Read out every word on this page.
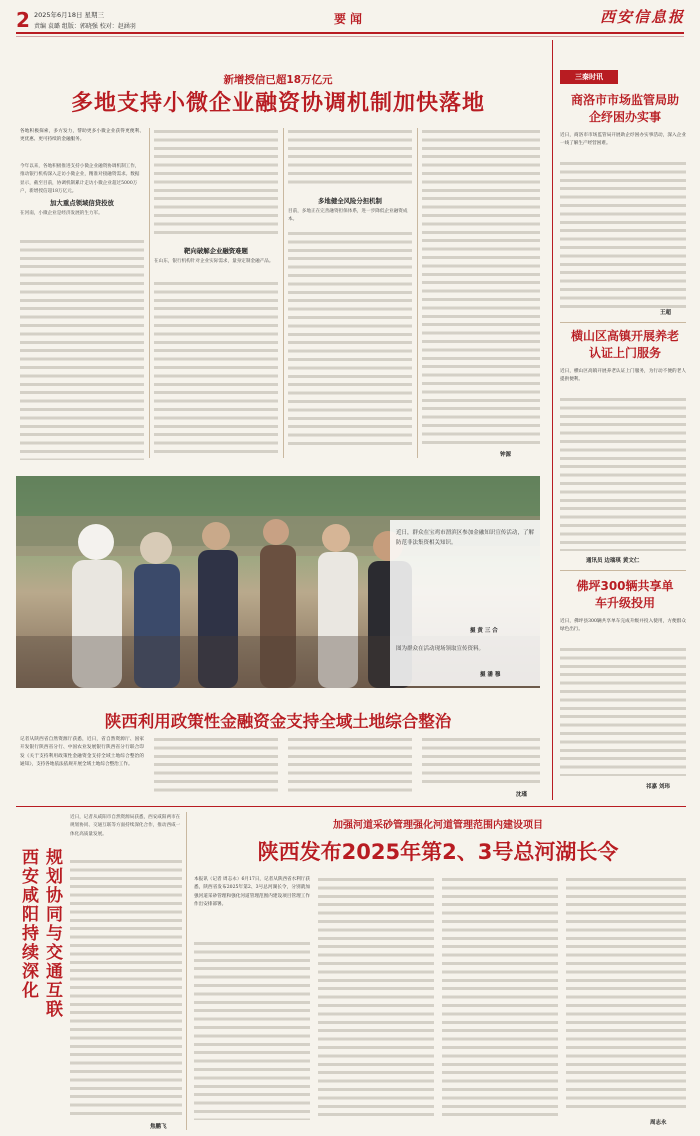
2 2025年6月18日 星期三
责编 袁璐 组版：郭晓强 校对：赵涵羽
要闻	西安信息报
新增授信已超18万亿元
多地支持小微企业融资协调机制加快落地
各地积极探索，多方发力，帮助更多小微企业获得更便利、更优惠、更可持续的金融服务。
今年以来，各地积极推进支持小微企业融资协调机制工作，推动银行机构深入走访小微企业，精准对接融资需求。数据显示，截至目前，协调机制累计走访小微企业超过5000万户，新增授信超18万亿元。
加大重点领域信贷投放
在河南，小微企业是经济发展的生力军。
靶向破解企业融资难题
在山东，银行机构针对企业实际需求，量身定制金融产品。
多地健全风险分担机制
目前，多地正在完善融资担保体系，进一步降低企业融资成本。
钟源
三秦时讯
商洛市市场监管局助企纾困办实事
近日，商洛市市场监管局开展助企纾困办实事活动，深入企业一线了解生产经营困难。
王超
横山区高镇开展养老认证上门服务
近日，横山区高镇开展养老认证上门服务，为行动不便的老人提供便利。
通讯员 边瑞琪 黄文仁
佛坪300辆共享单车升级投用
近日，佛坪县300辆共享单车完成升级并投入使用，方便群众绿色出行。
祁嘉 刘玮
近日，群众在宝鸡市渭滨区参加金融知识宣传活动，了解防范非法集资相关知识。
摄 黄 三 合
图为群众在活动现场领取宣传资料。
摄 潘 穆
陕西利用政策性金融资金支持全域土地综合整治
记者从陕西省自然资源厅获悉，近日，省自然资源厅、国家开发银行陕西省分行、中国农业发展银行陕西省分行联合印发《关于支持利用政策性金融资金支持全域土地综合整治的通知》，支持各地依法依规开展全域土地综合整治工作。
沈瑾
近日，记者从咸阳市自然资源局获悉，西安咸阳两市在规划协同、交通互联等方面持续深化合作，推动西咸一体化高质量发展。
规划协同与交通互联
西安咸阳持续深化
焦鹏飞
加强河道采砂管理强化河道管理范围内建设项目
陕西发布2025年第2、3号总河湖长令
本报讯（记者 周志永）6月17日，记者从陕西省水利厅获悉，陕西省发布2025年第2、3号总河湖长令，分别就加强河道采砂管理和强化河道管理范围内建设项目管理工作作出安排部署。
周志永
